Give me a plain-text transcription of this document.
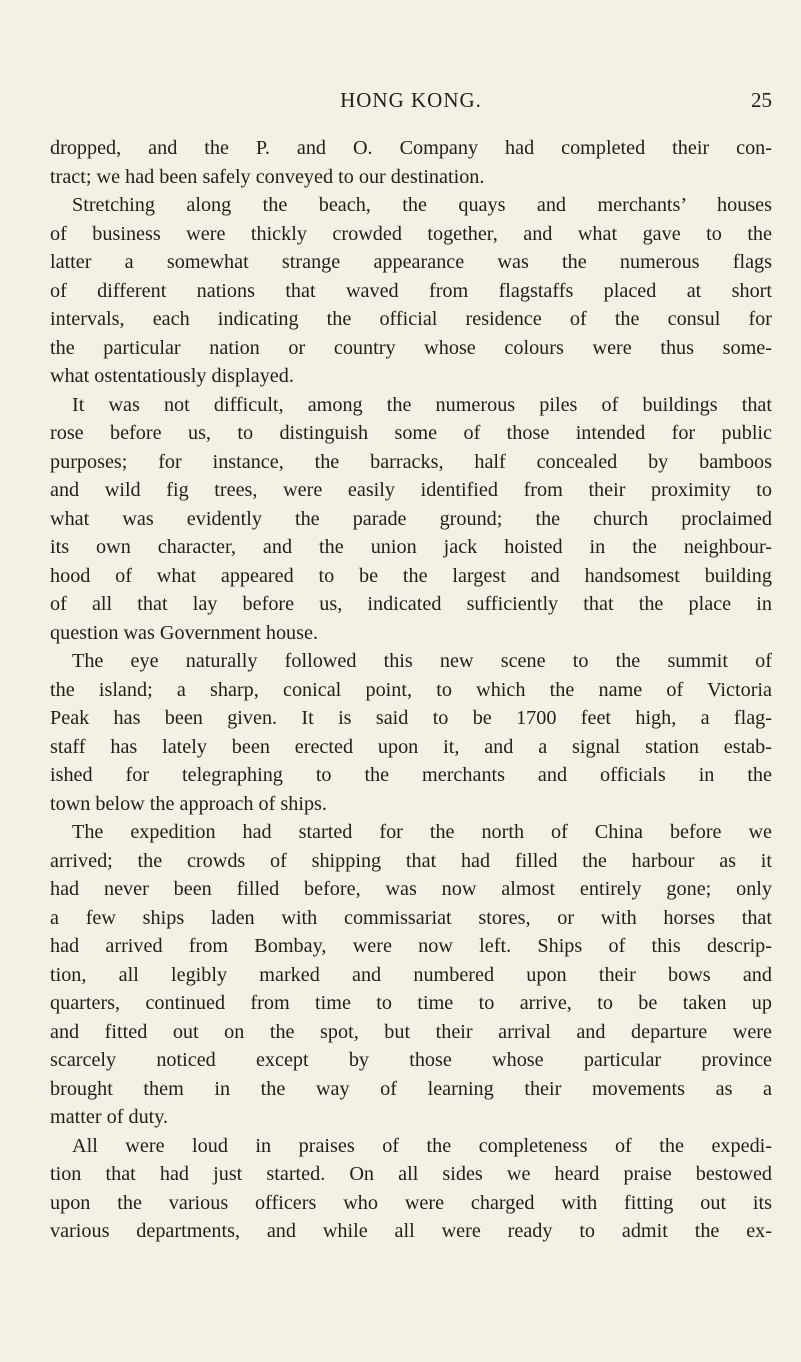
HONG KONG.	25
dropped, and the P. and O. Company had completed their con-
tract; we had been safely conveyed to our destination.
Stretching along the beach, the quays and merchants’ houses
of business were thickly crowded together, and what gave to the
latter a somewhat strange appearance was the numerous flags
of different nations that waved from flagstaffs placed at short
intervals, each indicating the official residence of the consul for
the particular nation or country whose colours were thus some-
what ostentatiously displayed.
It was not difficult, among the numerous piles of buildings that
rose before us, to distinguish some of those intended for public
purposes; for instance, the barracks, half concealed by bamboos
and wild fig trees, were easily identified from their proximity to
what was evidently the parade ground; the church proclaimed
its own character, and the union jack hoisted in the neighbour-
hood of what appeared to be the largest and handsomest building
of all that lay before us, indicated sufficiently that the place in
question was Government house.
The eye naturally followed this new scene to the summit of
the island; a sharp, conical point, to which the name of Victoria
Peak has been given. It is said to be 1700 feet high, a flag-
staff has lately been erected upon it, and a signal station estab-
ished for telegraphing to the merchants and officials in the
town below the approach of ships.
The expedition had started for the north of China before we
arrived; the crowds of shipping that had filled the harbour as it
had never been filled before, was now almost entirely gone; only
a few ships laden with commissariat stores, or with horses that
had arrived from Bombay, were now left. Ships of this descrip-
tion, all legibly marked and numbered upon their bows and
quarters, continued from time to time to arrive, to be taken up
and fitted out on the spot, but their arrival and departure were
scarcely noticed except by those whose particular province
brought them in the way of learning their movements as a
matter of duty.
All were loud in praises of the completeness of the expedi-
tion that had just started. On all sides we heard praise bestowed
upon the various officers who were charged with fitting out its
various departments, and while all were ready to admit the ex-
